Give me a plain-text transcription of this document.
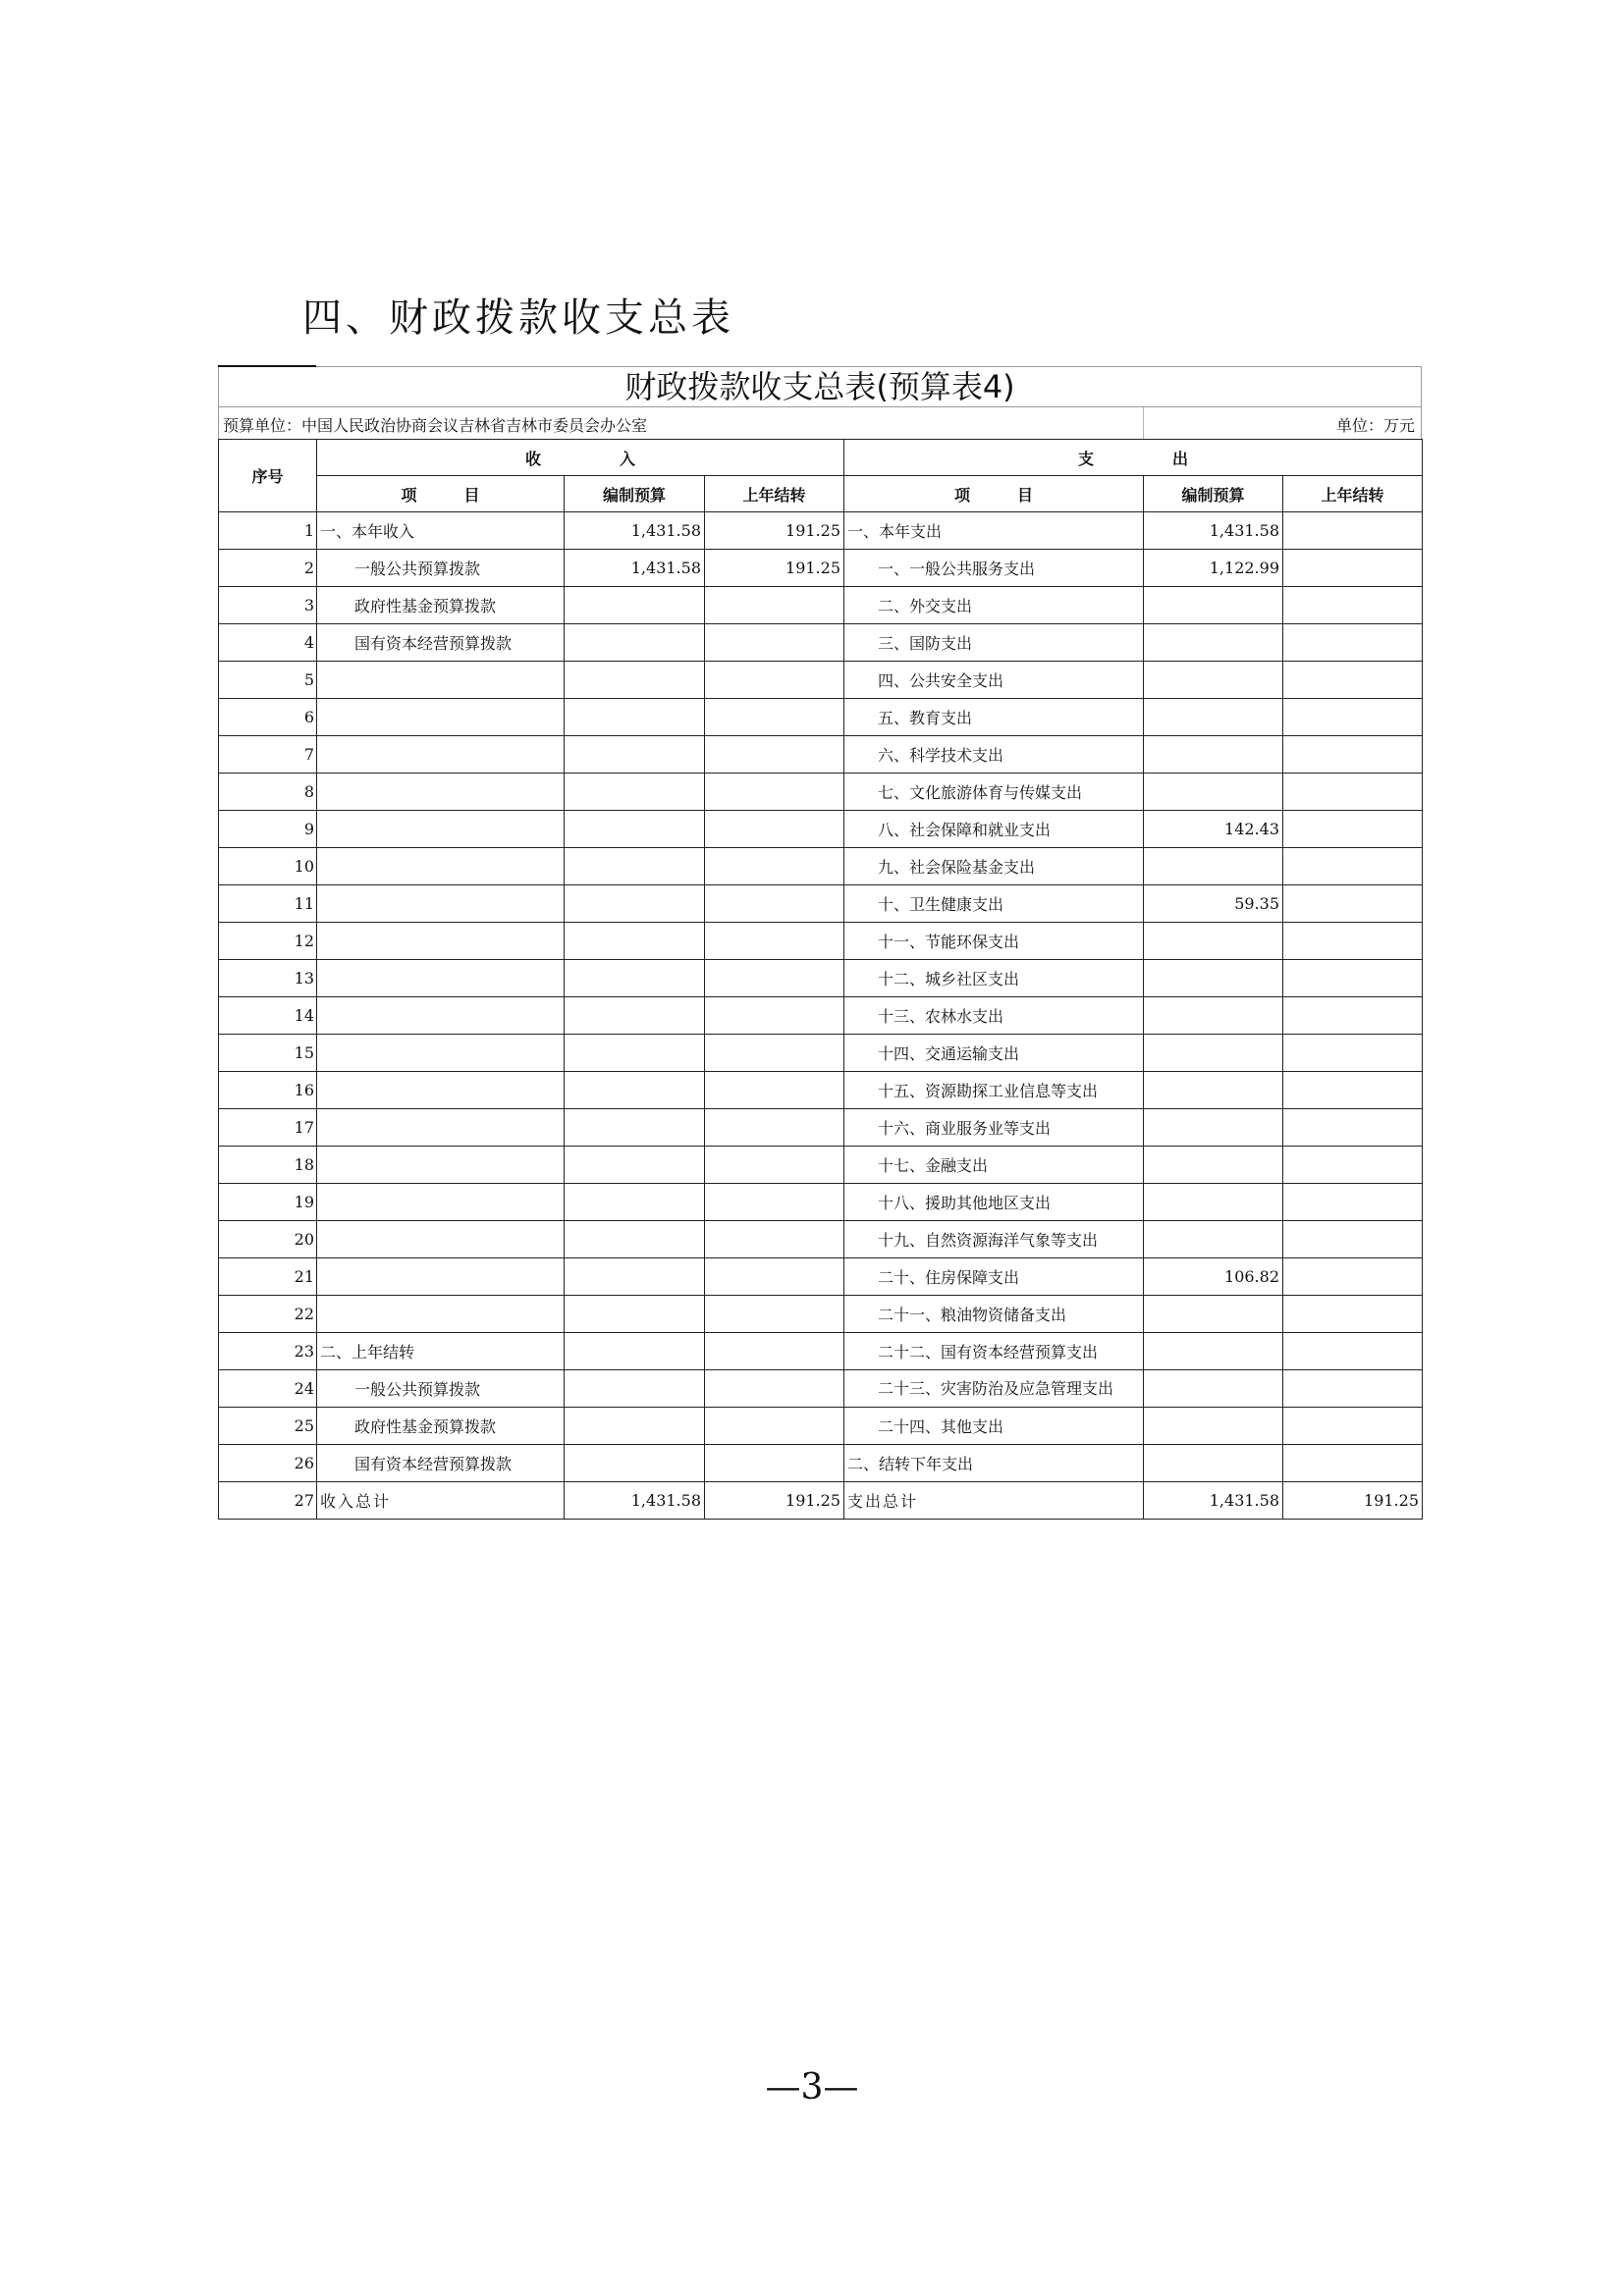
四、财政拨款收支总表
财政拨款收支总表(预算表4)
预算单位：中国人民政治协商会议吉林省吉林市委员会办公室	单位：万元
序号	收　　　　　入			支　　　　　出		
	项　　　目	编制预算	上年结转	项　　　目	编制预算	上年结转
1	一、本年收入	1,431.58	191.25	一、本年支出	1,431.58	
2	一般公共预算拨款	1,431.58	191.25	一、一般公共服务支出	1,122.99	
3	政府性基金预算拨款			二、外交支出		
4	国有资本经营预算拨款			三、国防支出		
5				四、公共安全支出		
6				五、教育支出		
7				六、科学技术支出		
8				七、文化旅游体育与传媒支出		
9				八、社会保障和就业支出	142.43	
10				九、社会保险基金支出		
11				十、卫生健康支出	59.35	
12				十一、节能环保支出		
13				十二、城乡社区支出		
14				十三、农林水支出		
15				十四、交通运输支出		
16				十五、资源勘探工业信息等支出		
17				十六、商业服务业等支出		
18				十七、金融支出		
19				十八、援助其他地区支出		
20				十九、自然资源海洋气象等支出		
21				二十、住房保障支出	106.82	
22				二十一、粮油物资储备支出		
23	二、上年结转			二十二、国有资本经营预算支出		
24	一般公共预算拨款			二十三、灾害防治及应急管理支出		
25	政府性基金预算拨款			二十四、其他支出		
26	国有资本经营预算拨款			二、结转下年支出		
27	收入总计	1,431.58	191.25	支出总计	1,431.58	191.25
—3—
